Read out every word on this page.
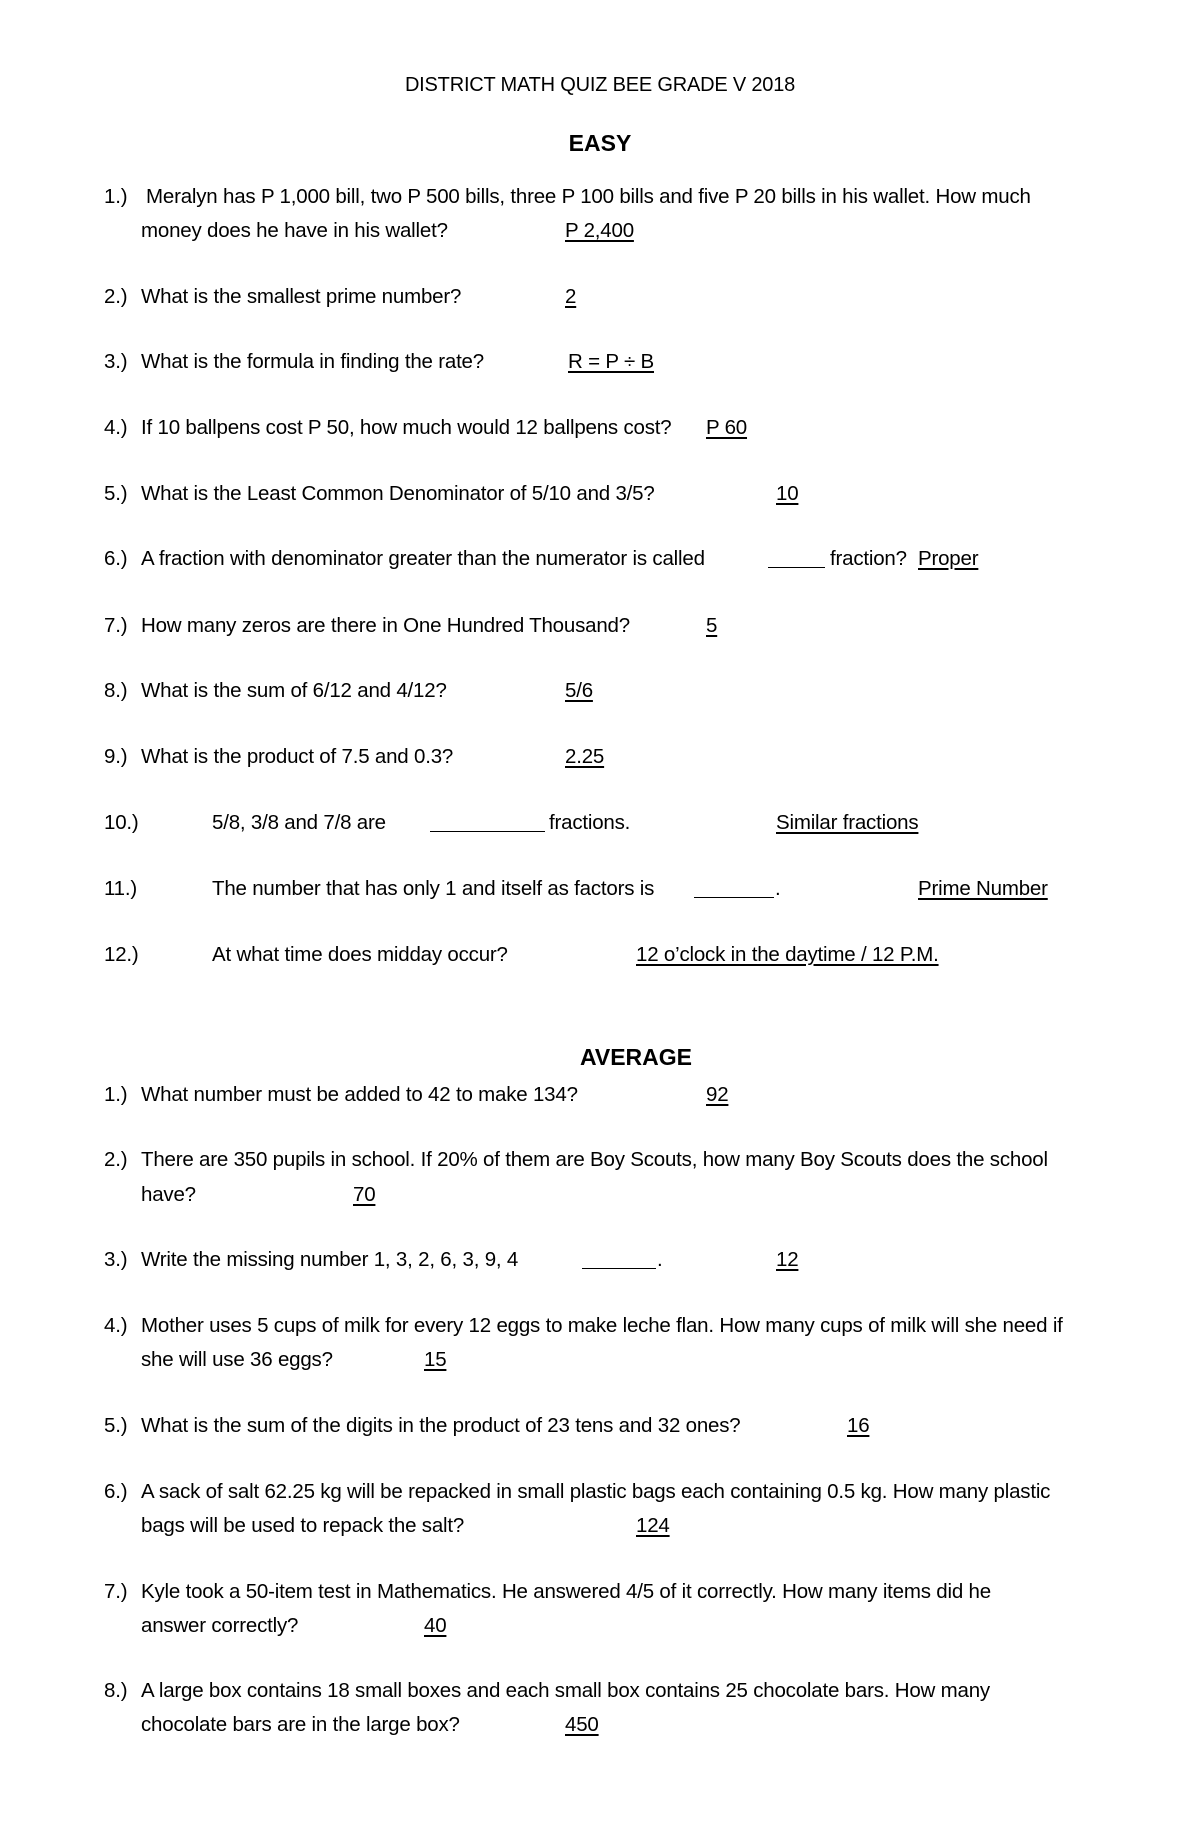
DISTRICT MATH QUIZ BEE GRADE V 2018
EASY
1.) Meralyn has P 1,000 bill, two P 500 bills, three P 100 bills and five P 20 bills in his wallet. How much
money does he have in his wallet?	P 2,400
2.) What is the smallest prime number?	2
3.) What is the formula in finding the rate?	R = P ÷ B
4.) If 10 ballpens cost P 50, how much would 12 ballpens cost? P 60
5.) What is the Least Common Denominator of 5/10 and 3/5?	10
6.) A fraction with denominator greater than the numerator is called	fraction? Proper
7.) How many zeros are there in One Hundred Thousand?	5
8.) What is the sum of 6/12 and 4/12?	5/6
9.) What is the product of 7.5 and 0.3?	2.25
10.)	5/8, 3/8 and 7/8 are	fractions.	Similar fractions
11.)	The number that has only 1 and itself as factors is	.	Prime Number
12.)	At what time does midday occur?	12 o’clock in the daytime / 12 P.M.
AVERAGE
1.) What number must be added to 42 to make 134?	92
2.) There are 350 pupils in school. If 20% of them are Boy Scouts, how many Boy Scouts does the school
have?	70
3.) Write the missing number 1, 3, 2, 6, 3, 9, 4	.	12
4.) Mother uses 5 cups of milk for every 12 eggs to make leche flan. How many cups of milk will she need if
she will use 36 eggs?	15
5.) What is the sum of the digits in the product of 23 tens and 32 ones?	16
6.) A sack of salt 62.25 kg will be repacked in small plastic bags each containing 0.5 kg. How many plastic
bags will be used to repack the salt?	124
7.) Kyle took a 50-item test in Mathematics. He answered 4/5 of it correctly. How many items did he
answer correctly?	40
8.) A large box contains 18 small boxes and each small box contains 25 chocolate bars. How many
chocolate bars are in the large box?	450
